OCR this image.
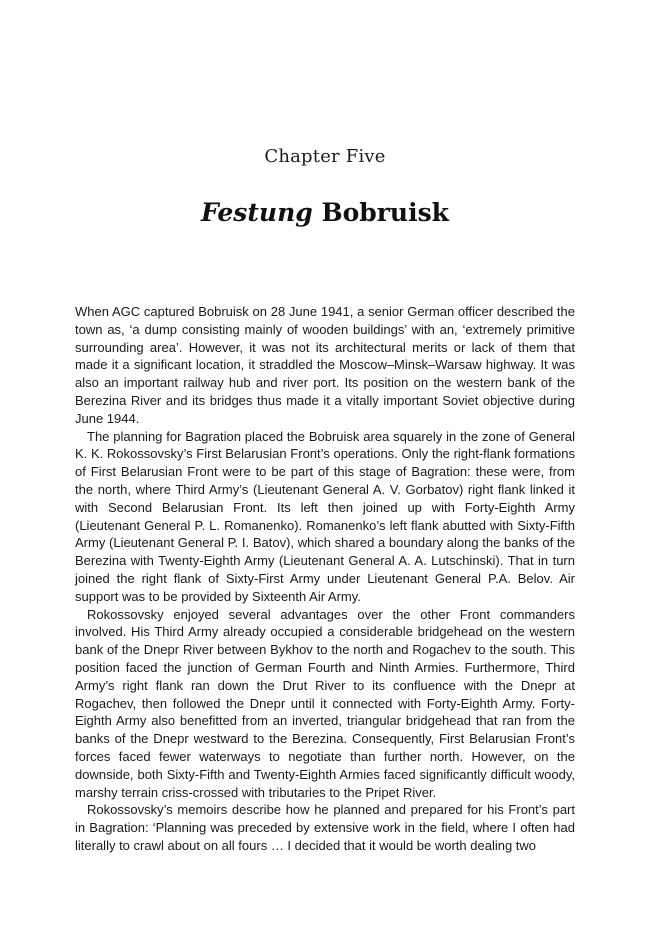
Chapter Five
Festung Bobruisk

When AGC captured Bobruisk on 28 June 1941, a senior German officer described the town as, ‘a dump consisting mainly of wooden buildings’ with an, ‘extremely primitive surrounding area’. However, it was not its architectural merits or lack of them that made it a significant location, it straddled the Moscow–Minsk–Warsaw highway. It was also an important railway hub and river port. Its position on the western bank of the Berezina River and its bridges thus made it a vitally important Soviet objective during June 1944.

The planning for Bagration placed the Bobruisk area squarely in the zone of General K. K. Rokossovsky’s First Belarusian Front’s operations. Only the right-flank formations of First Belarusian Front were to be part of this stage of Bagration: these were, from the north, where Third Army’s (Lieutenant General A. V. Gorbatov) right flank linked it with Second Belarusian Front. Its left then joined up with Forty-Eighth Army (Lieutenant General P. L. Romanenko). Romanenko’s left flank abutted with Sixty-Fifth Army (Lieutenant General P. I. Batov), which shared a boundary along the banks of the Berezina with Twenty-Eighth Army (Lieutenant General A. A. Lutschinski). That in turn joined the right flank of Sixty-First Army under Lieutenant General P.A. Belov. Air support was to be provided by Sixteenth Air Army.

Rokossovsky enjoyed several advantages over the other Front commanders involved. His Third Army already occupied a considerable bridgehead on the western bank of the Dnepr River between Bykhov to the north and Rogachev to the south. This position faced the junction of German Fourth and Ninth Armies. Furthermore, Third Army’s right flank ran down the Drut River to its confluence with the Dnepr at Rogachev, then followed the Dnepr until it connected with Forty-Eighth Army. Forty-Eighth Army also benefitted from an inverted, triangular bridgehead that ran from the banks of the Dnepr westward to the Berezina. Consequently, First Belarusian Front’s forces faced fewer waterways to negotiate than further north. However, on the downside, both Sixty-Fifth and Twenty-Eighth Armies faced significantly difficult woody, marshy terrain criss-crossed with tributaries to the Pripet River.

Rokossovsky’s memoirs describe how he planned and prepared for his Front’s part in Bagration: ‘Planning was preceded by extensive work in the field, where I often had literally to crawl about on all fours … I decided that it would be worth dealing two
